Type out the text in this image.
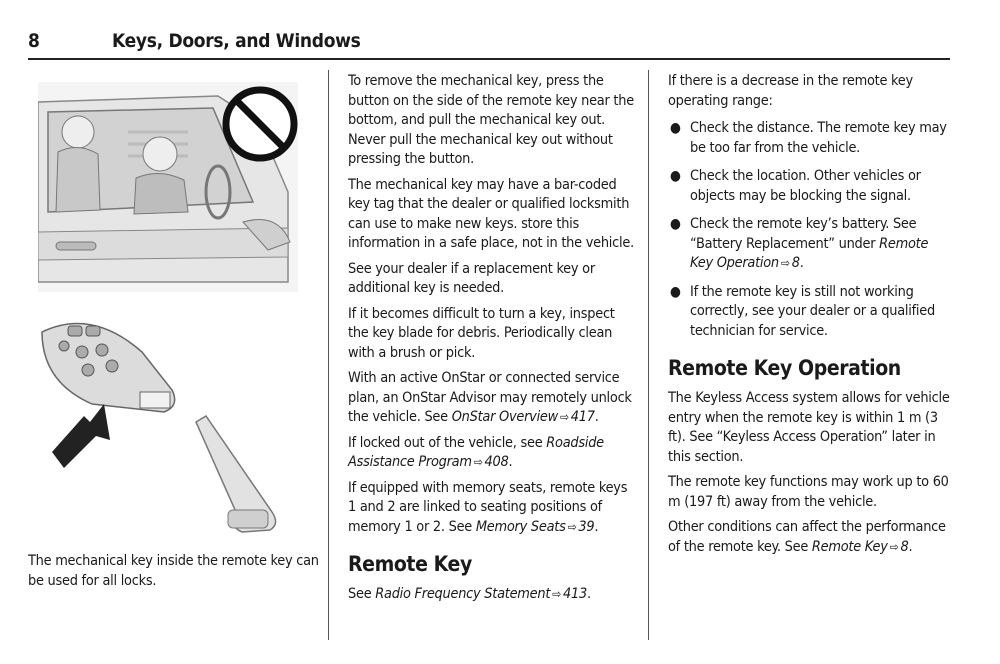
8	Keys, Doors, and Windows
The mechanical key inside the remote key can be used for all locks.

To remove the mechanical key, press the button on the side of the remote key near the bottom, and pull the mechanical key out. Never pull the mechanical key out without pressing the button.

The mechanical key may have a bar-coded key tag that the dealer or qualified locksmith can use to make new keys. store this information in a safe place, not in the vehicle.

See your dealer if a replacement key or additional key is needed.

If it becomes difficult to turn a key, inspect the key blade for debris. Periodically clean with a brush or pick.

With an active OnStar or connected service plan, an OnStar Advisor may remotely unlock the vehicle. See OnStar Overview ⇨ 417.

If locked out of the vehicle, see Roadside Assistance Program ⇨ 408.

If equipped with memory seats, remote keys 1 and 2 are linked to seating positions of memory 1 or 2. See Memory Seats ⇨ 39.

Remote Key

See Radio Frequency Statement ⇨ 413.

If there is a decrease in the remote key operating range:

● Check the distance. The remote key may be too far from the vehicle.
● Check the location. Other vehicles or objects may be blocking the signal.
● Check the remote key’s battery. See “Battery Replacement” under Remote Key Operation ⇨ 8.
● If the remote key is still not working correctly, see your dealer or a qualified technician for service.
Remote Key Operation

The Keyless Access system allows for vehicle entry when the remote key is within 1 m (3 ft). See “Keyless Access Operation” later in this section.

The remote key functions may work up to 60 m (197 ft) away from the vehicle.

Other conditions can affect the performance of the remote key. See Remote Key ⇨ 8.
